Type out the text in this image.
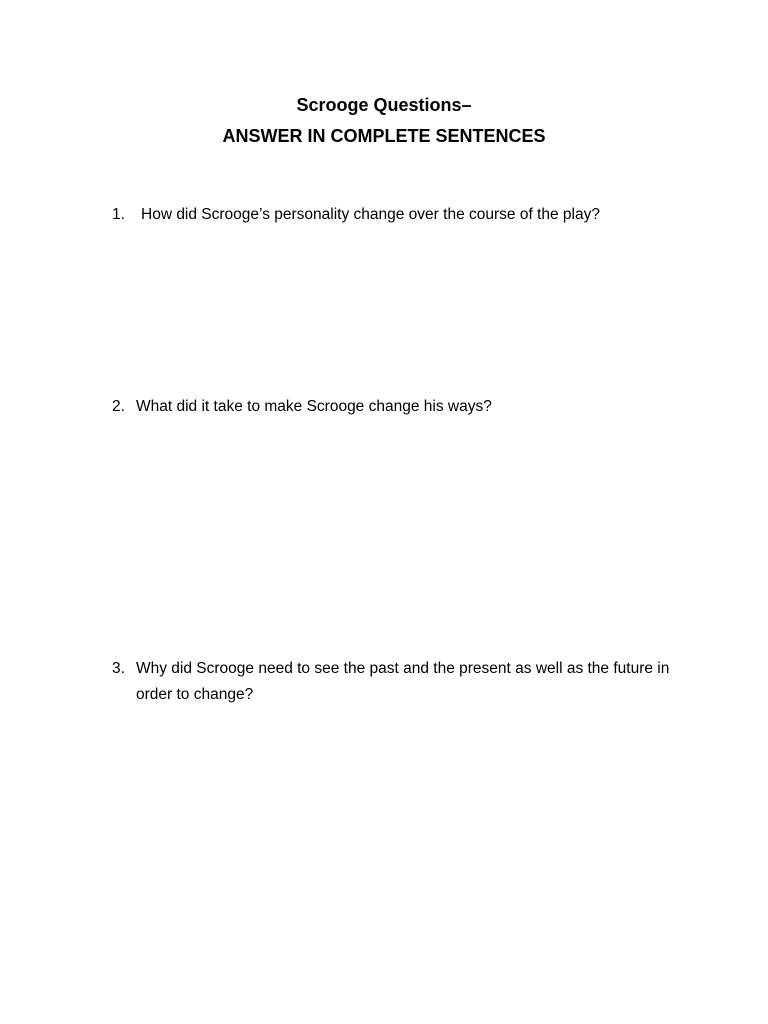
Scrooge Questions–
ANSWER IN COMPLETE SENTENCES
1.	How did Scrooge’s personality change over the course of the play?
2. What did it take to make Scrooge change his ways?
3. Why did Scrooge need to see the past and the present as well as the future in order to change?
